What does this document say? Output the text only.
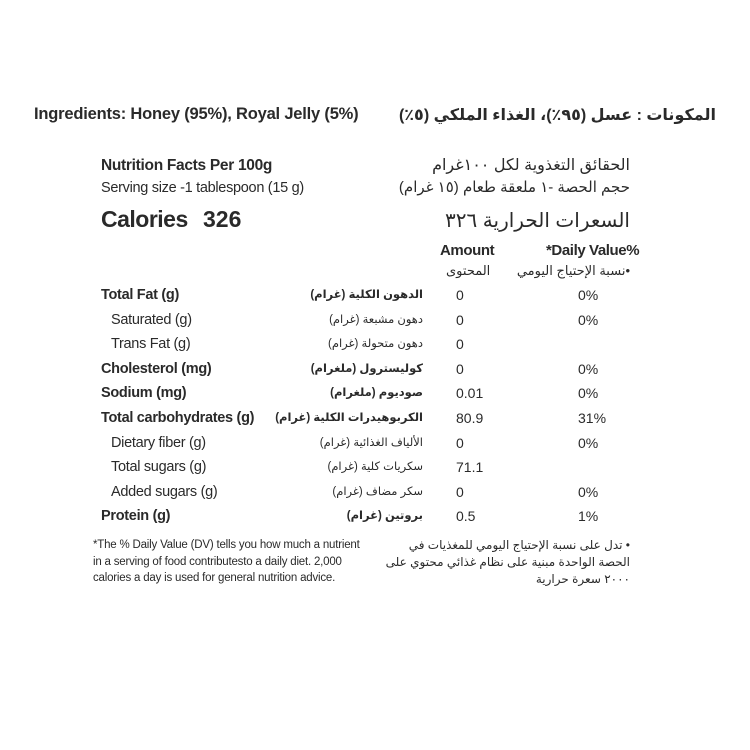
Ingredients: Honey (95%), Royal Jelly (5%)	المكونات : عسل (٩٥٪)، الغذاء الملكي (٥٪)
Nutrition Facts Per 100g	الحقائق التغذوية لكل ١٠٠غرام
Serving size -1 tablespoon (15 g)	حجم الحصة -١ ملعقة طعام (١٥ غرام)
Calories 326	السعرات الحرارية ٣٢٦
Amount	*Daily Value%
المحتوى •نسبة الإحتياج اليومي
Total Fat (g)	الدهون الكلية (غرام) 0	0%
Saturated (g)	دهون مشبعة (غرام) 0	0%
Trans Fat (g)	دهون متحولة (غرام) 0
Cholesterol (mg)	كوليسترول (ملغرام) 0	0%
Sodium (mg)	صوديوم (ملغرام) 0.01	0%
Total carbohydrates (g) الكربوهيدرات الكلية (غرام) 80.9	31%
Dietary fiber (g)	الألياف الغذائية (غرام) 0	0%
Total sugars (g)	سكريات كلية (غرام) 71.1
Added sugars (g)	سكر مضاف (غرام) 0	0%
Protein (g)	بروتين (غرام) 0.5	1%
*The % Daily Value (DV) tells you how much a nutrient in a serving of food contributesto a daily diet. 2,000 calories a day is used for general nutrition advice.
• تدل على نسبة الإحتياج اليومي للمغذيات في الحصة الواحدة مبنية على نظام غذائي محتوي على ٢٠٠٠ سعرة حرارية
